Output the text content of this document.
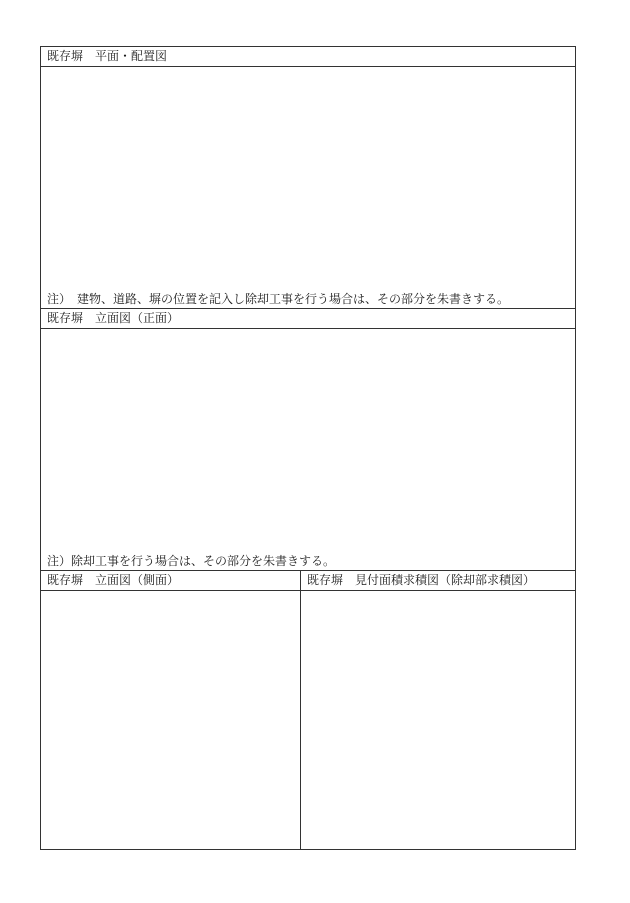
既存塀　平面・配置図
注）　建物、道路、塀の位置を記入し除却工事を行う場合は、その部分を朱書きする。
既存塀　立面図（正面）
注）除却工事を行う場合は、その部分を朱書きする。
既存塀　立面図（側面）	既存塀　見付面積求積図（除却部求積図）
